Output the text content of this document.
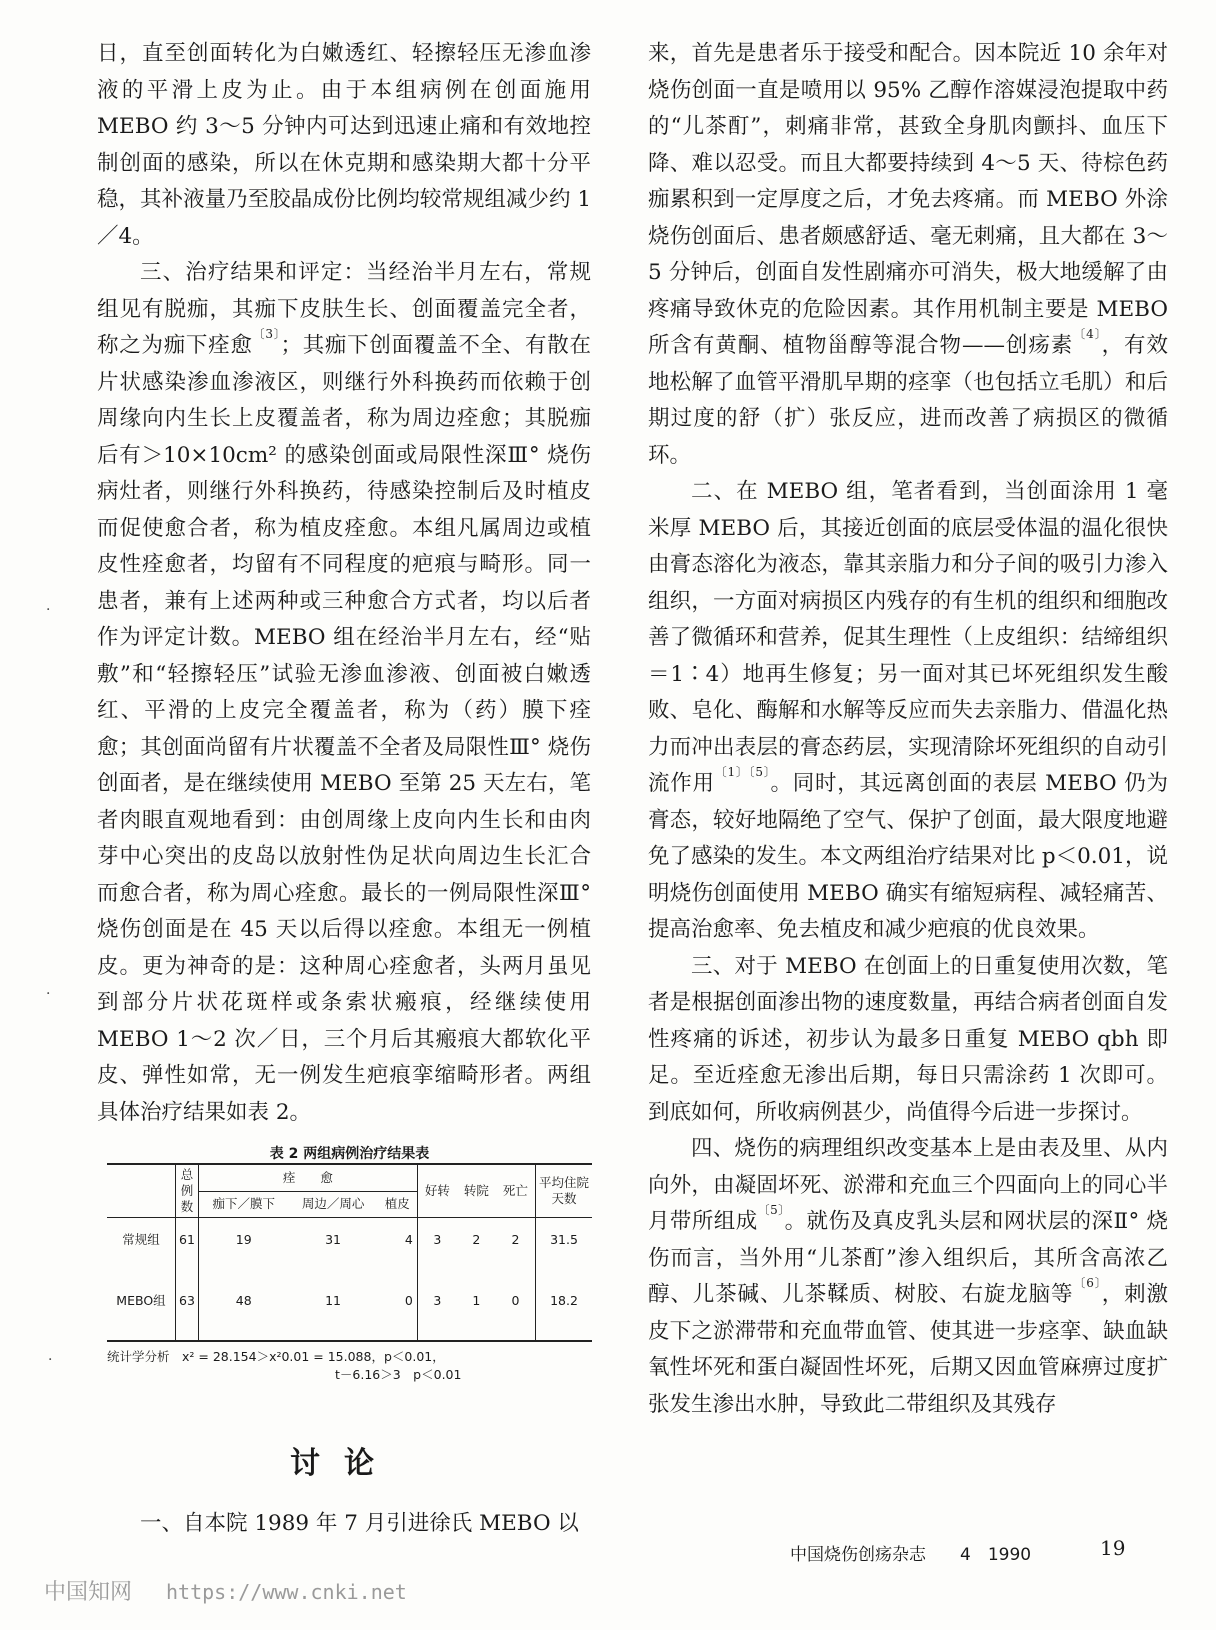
日，直至创面转化为白嫩透红、轻擦轻压无渗血渗液的平滑上皮为止。由于本组病例在创面施用 MEBO 约 3～5 分钟内可达到迅速止痛和有效地控制创面的感染，所以在休克期和感染期大都十分平稳，其补液量乃至胶晶成份比例均较常规组减少约 1／4。

三、治疗结果和评定：当经治半月左右，常规组见有脱痂，其痂下皮肤生长、创面覆盖完全者，称之为痂下痊愈$^{〔3〕}$；其痂下创面覆盖不全、有散在片状感染渗血渗液区，则继行外科换药而依赖于创周缘向内生长上皮覆盖者，称为周边痊愈；其脱痂后有＞10×10cm² 的感染创面或局限性深Ⅲ° 烧伤病灶者，则继行外科换药，待感染控制后及时植皮而促使愈合者，称为植皮痊愈。本组凡属周边或植皮性痊愈者，均留有不同程度的疤痕与畸形。同一患者，兼有上述两种或三种愈合方式者，均以后者作为评定计数。MEBO 组在经治半月左右，经“贴敷”和“轻擦轻压”试验无渗血渗液、创面被白嫩透红、平滑的上皮完全覆盖者，称为（药）膜下痊愈；其创面尚留有片状覆盖不全者及局限性Ⅲ° 烧伤创面者，是在继续使用 MEBO 至第 25 天左右，笔者肉眼直观地看到：由创周缘上皮向内生长和由肉芽中心突出的皮岛以放射性伪足状向周边生长汇合而愈合者，称为周心痊愈。最长的一例局限性深Ⅲ° 烧伤创面是在 45 天以后得以痊愈。本组无一例植皮。更为神奇的是：这种周心痊愈者，头两月虽见到部分片状花斑样或条索状瘢痕，经继续使用 MEBO 1～2 次／日，三个月后其瘢痕大都软化平皮、弹性如常，无一例发生疤痕挛缩畸形者。两组具体治疗结果如表 2。

表 2 两组病例治疗结果表
	总例数	痊　　愈			好转	转院	死亡	平均住院天数
		痂下／膜下	周边／周心	植皮				
常规组	61	19	31	4	3	2	2	31.5
MEBO组	63	48	11	0	3	1	0	18.2
统计学分析　x² = 28.154＞x²0.01 = 15.088，p＜0.01，
t－6.16＞3　p＜0.01
讨论

一、自本院 1989 年 7 月引进徐氏 MEBO 以

来，首先是患者乐于接受和配合。因本院近 10 余年对烧伤创面一直是喷用以 95% 乙醇作溶媒浸泡提取中药的“儿茶酊”，刺痛非常，甚致全身肌肉颤抖、血压下降、难以忍受。而且大都要持续到 4～5 天、待棕色药痂累积到一定厚度之后，才免去疼痛。而 MEBO 外涂烧伤创面后、患者颇感舒适、毫无刺痛，且大都在 3～5 分钟后，创面自发性剧痛亦可消失，极大地缓解了由疼痛导致休克的危险因素。其作用机制主要是 MEBO 所含有黄酮、植物甾醇等混合物——创疡素$^{〔4〕}$，有效地松解了血管平滑肌早期的痉挛（也包括立毛肌）和后期过度的舒（扩）张反应，进而改善了病损区的微循环。

二、在 MEBO 组，笔者看到，当创面涂用 1 毫米厚 MEBO 后，其接近创面的底层受体温的温化很快由膏态溶化为液态，靠其亲脂力和分子间的吸引力渗入组织，一方面对病损区内残存的有生机的组织和细胞改善了微循环和营养，促其生理性（上皮组织：结缔组织＝1∶4）地再生修复；另一面对其已坏死组织发生酸败、皂化、酶解和水解等反应而失去亲脂力、借温化热力而冲出表层的膏态药层，实现清除坏死组织的自动引流作用$^{〔1〕〔5〕}$。同时，其远离创面的表层 MEBO 仍为膏态，较好地隔绝了空气、保护了创面，最大限度地避免了感染的发生。本文两组治疗结果对比 p＜0.01，说明烧伤创面使用 MEBO 确实有缩短病程、减轻痛苦、提高治愈率、免去植皮和减少疤痕的优良效果。

三、对于 MEBO 在创面上的日重复使用次数，笔者是根据创面渗出物的速度数量，再结合病者创面自发性疼痛的诉述，初步认为最多日重复 MEBO qbh 即足。至近痊愈无渗出后期，每日只需涂药 1 次即可。到底如何，所收病例甚少，尚值得今后进一步探讨。

四、烧伤的病理组织改变基本上是由表及里、从内向外，由凝固坏死、淤滞和充血三个四面向上的同心半月带所组成$^{〔5〕}$。就伤及真皮乳头层和网状层的深Ⅱ° 烧伤而言，当外用“儿茶酊”渗入组织后，其所含高浓乙醇、儿茶碱、儿茶鞣质、树胶、右旋龙脑等$^{〔6〕}$，刺激皮下之淤滞带和充血带血管、使其进一步痉挛、缺血缺氧性坏死和蛋白凝固性坏死，后期又因血管麻痹过度扩张发生渗出水肿，导致此二带组织及其残存

·
·
·
中国烧伤创疡杂志　　4　1990	19
中国知网 https://www.cnki.net
